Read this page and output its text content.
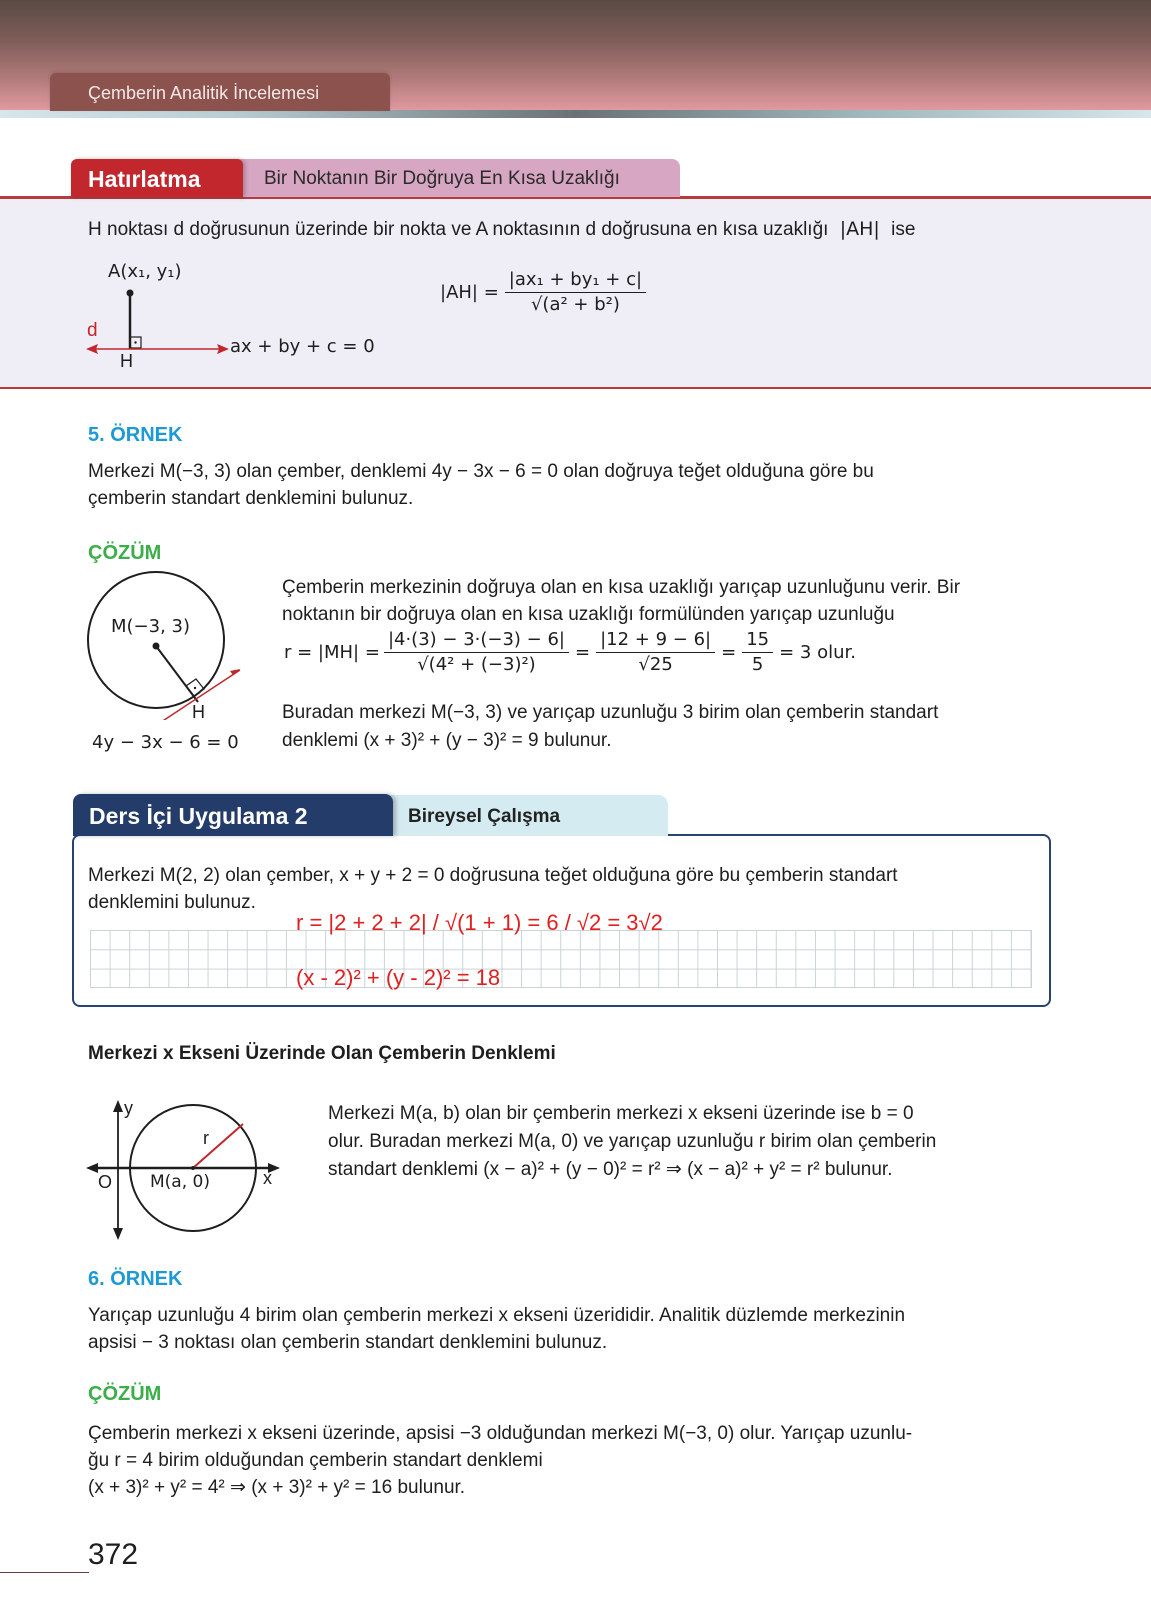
Çemberin Analitik İncelemesi
Hatırlatma	Bir Noktanın Bir Doğruya En Kısa Uzaklığı
H noktası d doğrusunun üzerinde bir nokta ve A noktasının d doğrusuna en kısa uzaklığı |AH| ise
A(x₁, y₁)
d
H
ax + by + c = 0
$|AH| = \frac{\text{|ax₁ + by₁ + c|}}{\text{√(a² + b²)}}$
5. ÖRNEK
Merkezi M(−3, 3) olan çember, denklemi 4y − 3x − 6 = 0 olan doğruya teğet olduğuna göre bu
çemberin standart denklemini bulunuz.
ÇÖZÜM
M(−3, 3)
H
4y − 3x − 6 = 0
Çemberin merkezinin doğruya olan en kısa uzaklığı yarıçap uzunluğunu verir. Bir
noktanın bir doğruya olan en kısa uzaklığı formülünden yarıçap uzunluğu
$r = |MH| = \frac{|4\cdot(3) - 3\cdot(-3) - 6|}{\text{√(4² + (−3)²)}} = \frac{|12 + 9 - 6|}{√25} = \frac{15}{5} = 3$ olur.
Buradan merkezi M(−3, 3) ve yarıçap uzunluğu 3 birim olan çemberin standart
denklemi (x + 3)² + (y − 3)² = 9 bulunur.
Bireysel Çalışma
Ders İçi Uygulama 2
Merkezi M(2, 2) olan çember, x + y + 2 = 0 doğrusuna teğet olduğuna göre bu çemberin standart
denklemini bulunuz.
r = |2 + 2 + 2| / √(1 + 1) = 6 / √2 = 3√2
(x - 2)² + (y - 2)² = 18
Merkezi x Ekseni Üzerinde Olan Çemberin Denklemi
y
x
O M(a, 0)
r
Merkezi M(a, b) olan bir çemberin merkezi x ekseni üzerinde ise b = 0
olur. Buradan merkezi M(a, 0) ve yarıçap uzunluğu r birim olan çemberin
standart denklemi (x − a)² + (y − 0)² = r² ⇒ (x − a)² + y² = r² bulunur.
6. ÖRNEK
Yarıçap uzunluğu 4 birim olan çemberin merkezi x ekseni üzerididir. Analitik düzlemde merkezinin
apsisi − 3 noktası olan çemberin standart denklemini bulunuz.
ÇÖZÜM
Çemberin merkezi x ekseni üzerinde, apsisi −3 olduğundan merkezi M(−3, 0) olur. Yarıçap uzunlu-
ğu r = 4 birim olduğundan çemberin standart denklemi
(x + 3)² + y² = 4² ⇒ (x + 3)² + y² = 16 bulunur.
372
